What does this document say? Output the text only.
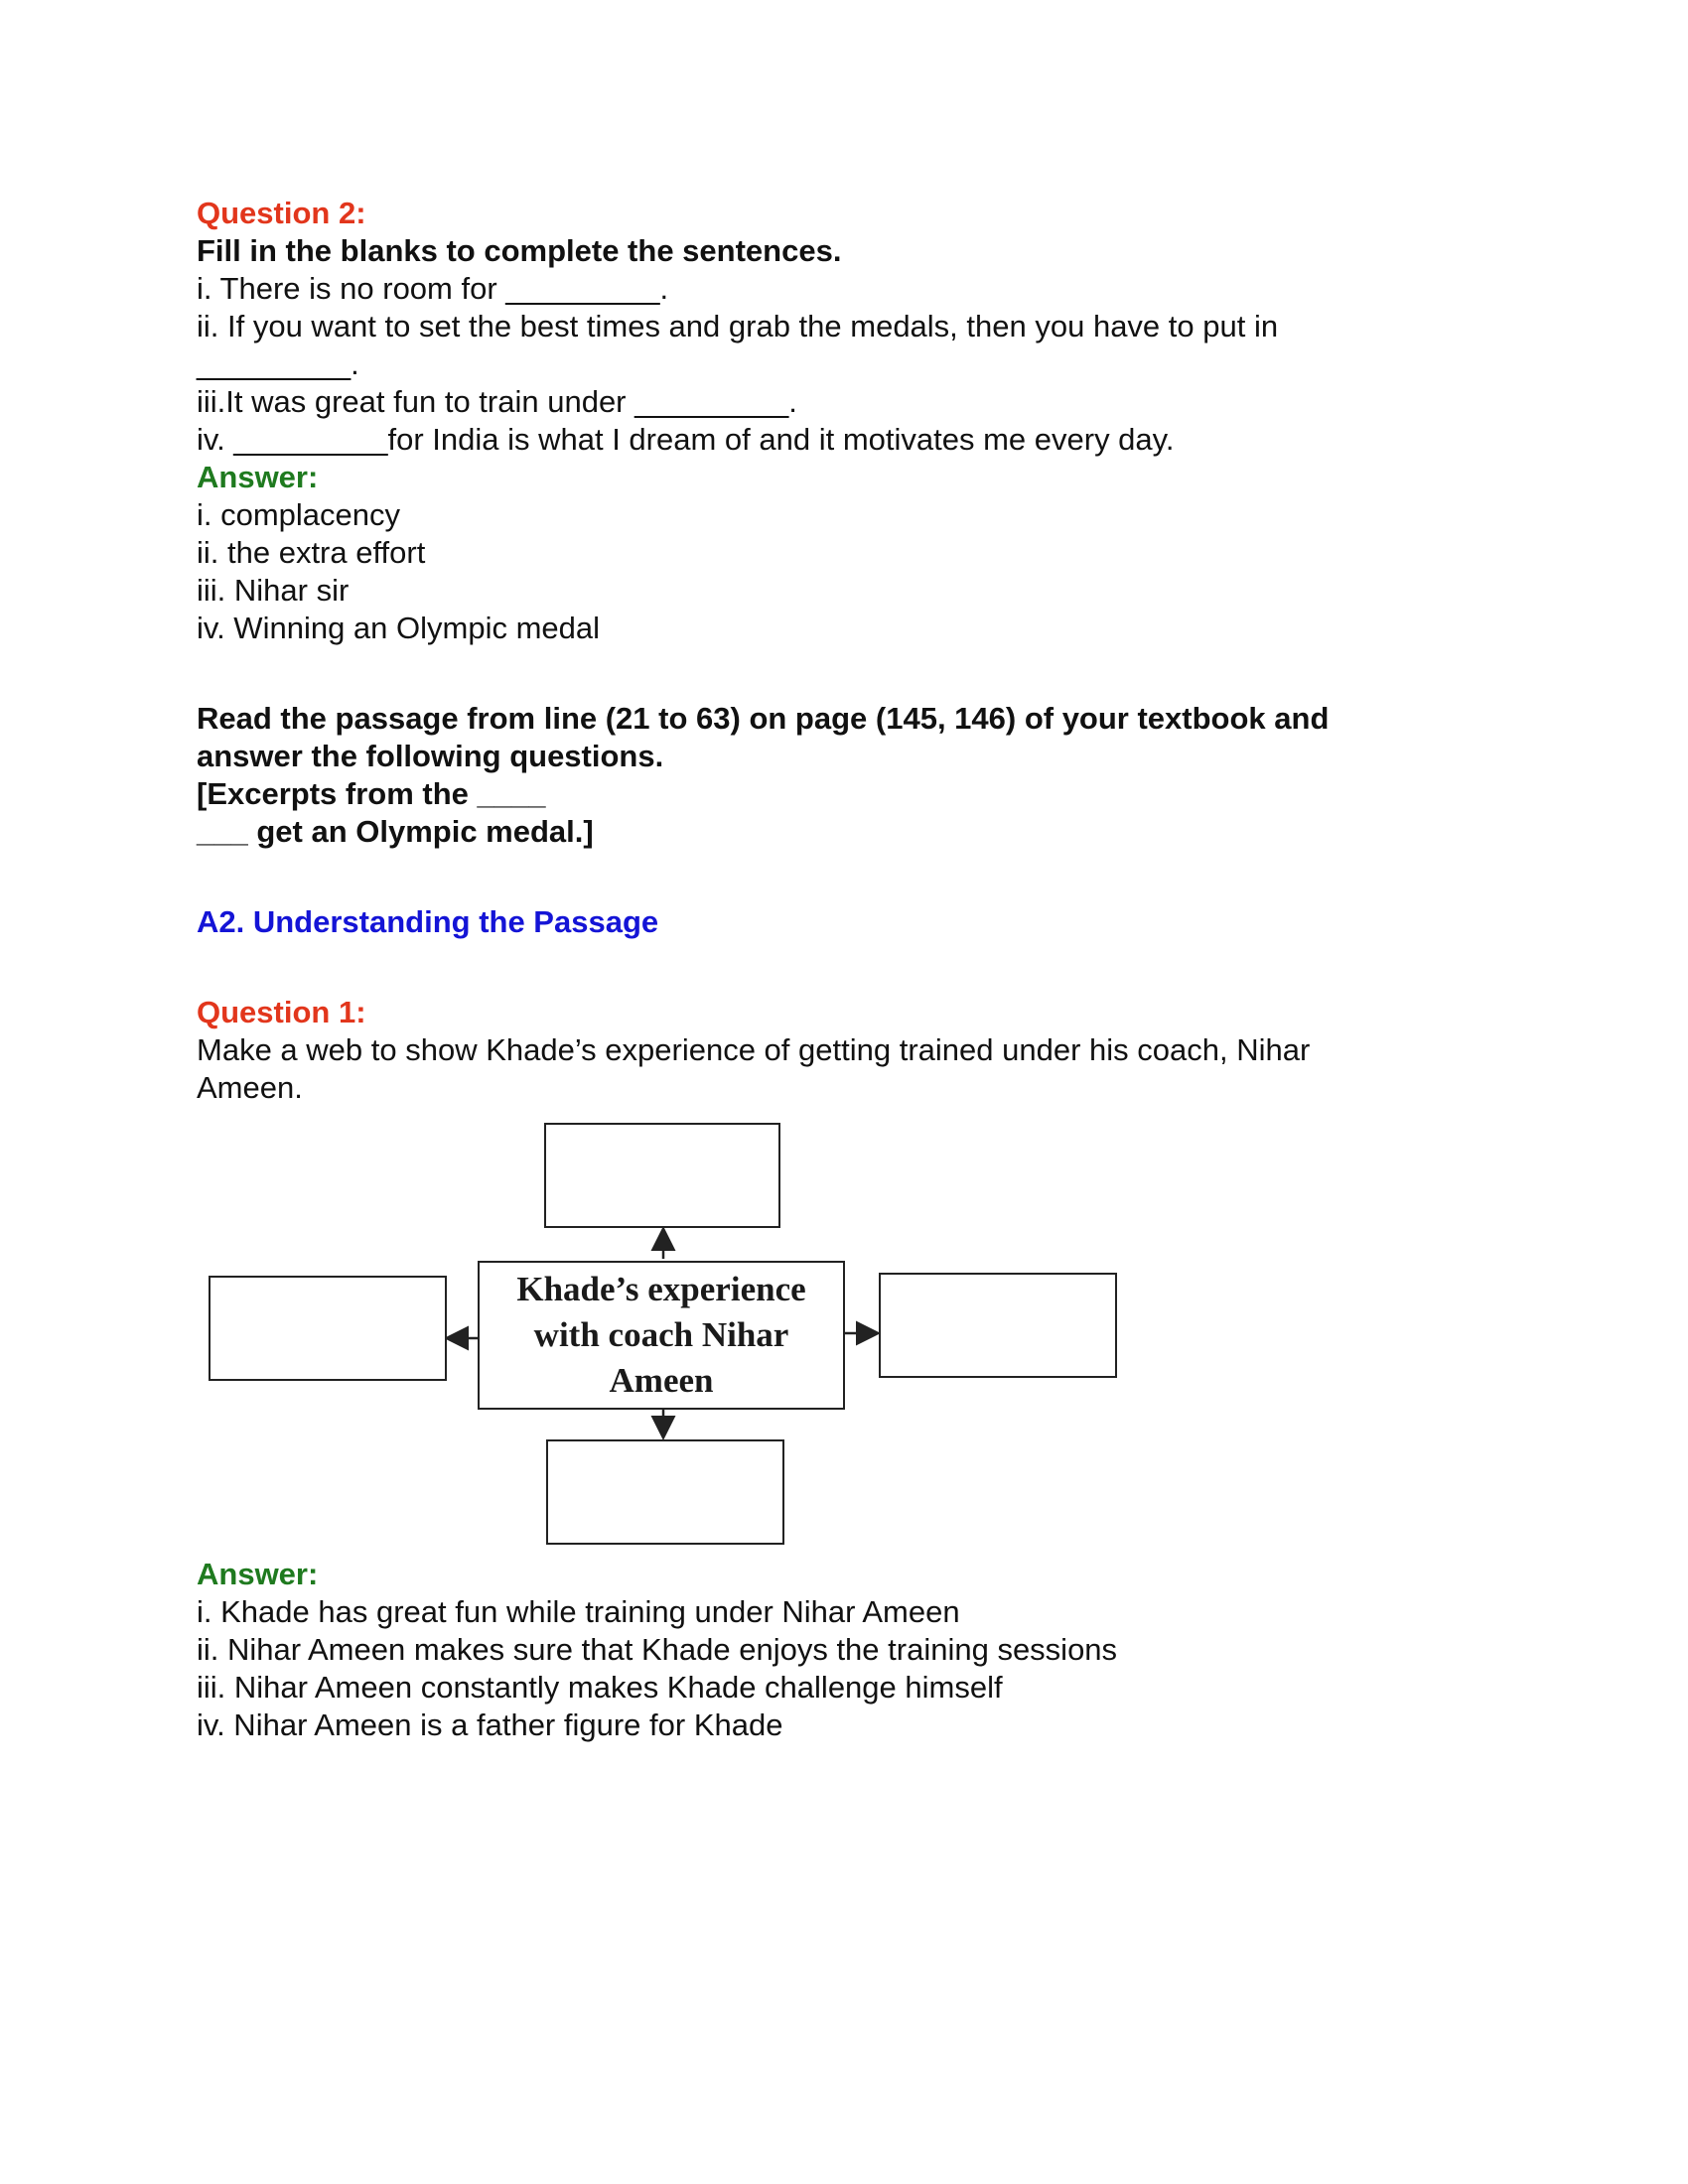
Question 2:

Fill in the blanks to complete the sentences.

i. There is no room for _________.

ii. If you want to set the best times and grab the medals, then you have to put in

_________.

iii.It was great fun to train under _________.

iv. _________for India is what I dream of and it motivates me every day.

Answer:

i. complacency

ii. the extra effort

iii. Nihar sir

iv. Winning an Olympic medal

Read the passage from line (21 to 63) on page (145, 146) of your textbook and

answer the following questions.

[Excerpts from the ____

___ get an Olympic medal.]

A2. Understanding the Passage

Question 1:

Make a web to show Khade’s experience of getting trained under his coach, Nihar

Ameen.

Answer:

i. Khade has great fun while training under Nihar Ameen

ii. Nihar Ameen makes sure that Khade enjoys the training sessions

iii. Nihar Ameen constantly makes Khade challenge himself

iv. Nihar Ameen is a father figure for Khade

Khade’s experience with coach Nihar Ameen
